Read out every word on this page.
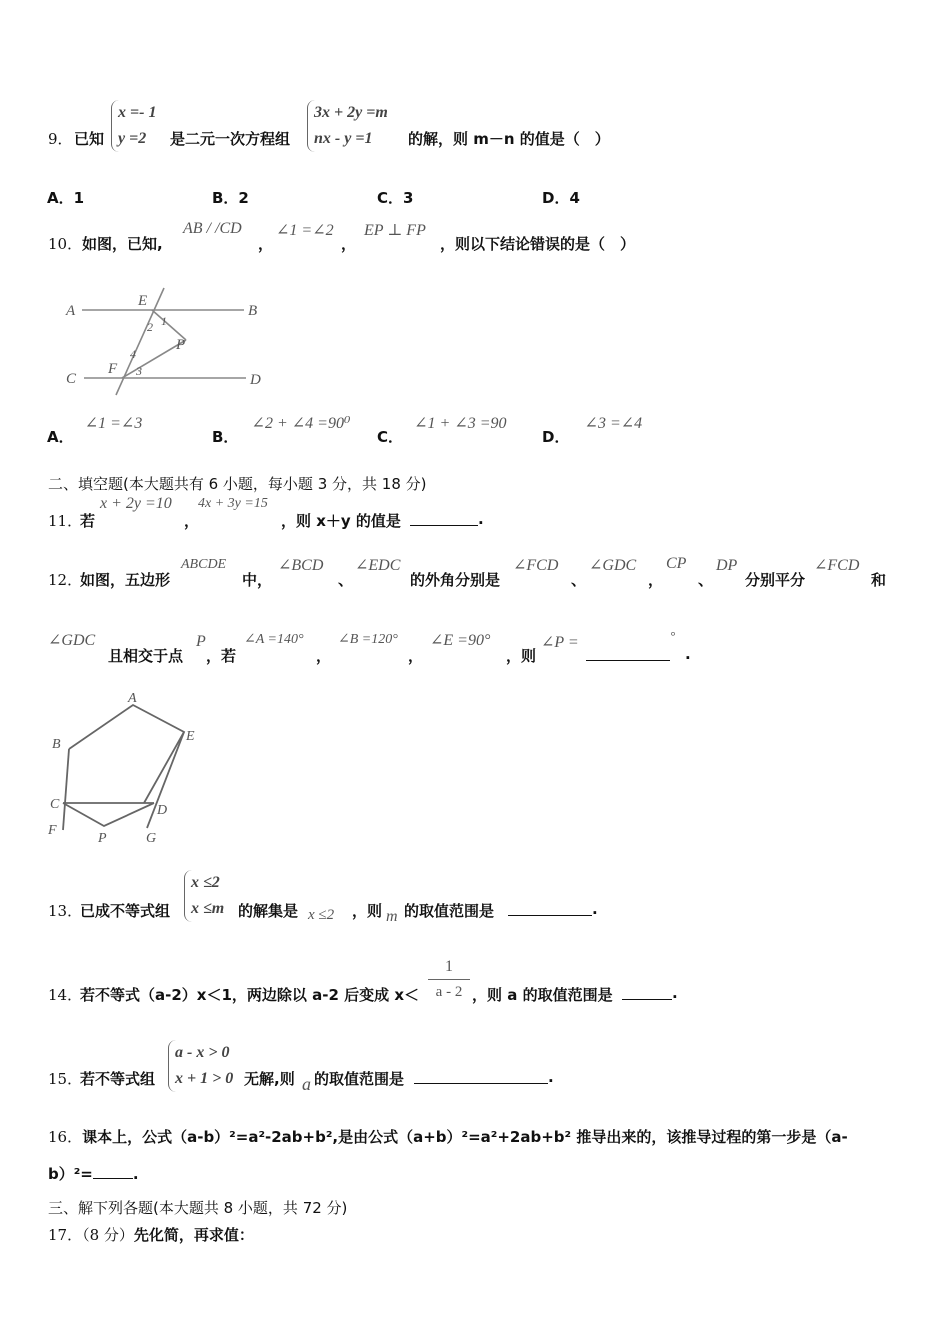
9． 已知
x =- 1
y =2	是二元一次方程组
3x + 2y =m
nx - y =1	的解，则 m－n 的值是（　）
A．1	B．2	C．3	D．4
10． 如图，已知,
AB / /CD
，
∠1 =∠2
，
EP ⊥ FP
，则以下结论错误的是（　）
A	B
C	D
E
F
P
1
2
3
4
A． ∠1 =∠3
B． ∠2 + ∠4 =90⁰
C． ∠1 + ∠3 =90
D． ∠3 =∠4
二、填空题(本大题共有 6 小题，每小题 3 分，共 18 分)
11．
若
x + 2y =10
，
4x + 3y =15
，则 x＋y 的值是	.
12．
如图，五边形
ABCDE
中，
∠BCD
、
∠EDC
的外角分别是
∠FCD
、
∠GDC
，
CP
、
DP
分别平分
∠FCD
和
∠GDC
且相交于点
P
，若
∠A =140°
，
∠B =120°
，
∠E =90°
，则
∠P =	°
.
A
B
C	D
E
F
G
P
13．
已成不等式组
x ≤2
x ≤m 的解集是 x ≤2 ，则 m 的取值范围是	.
14．
若不等式（a-2）x＜1，两边除以 a-2 后变成 x＜
1
a - 2 ，则 a 的取值范围是	.
15．
若不等式组
a - x > 0
x + 1 > 0 无解,则 a 的取值范围是	.
16．课本上，公式（a-b）²=a²-2ab+b²,是由公式（a+b）²=a²+2ab+b² 推导出来的，该推导过程的第一步是（a-
b）²=	.
三、解下列各题(本大题共 8 小题，共 72 分)
17．（8 分）先化简，再求值：
